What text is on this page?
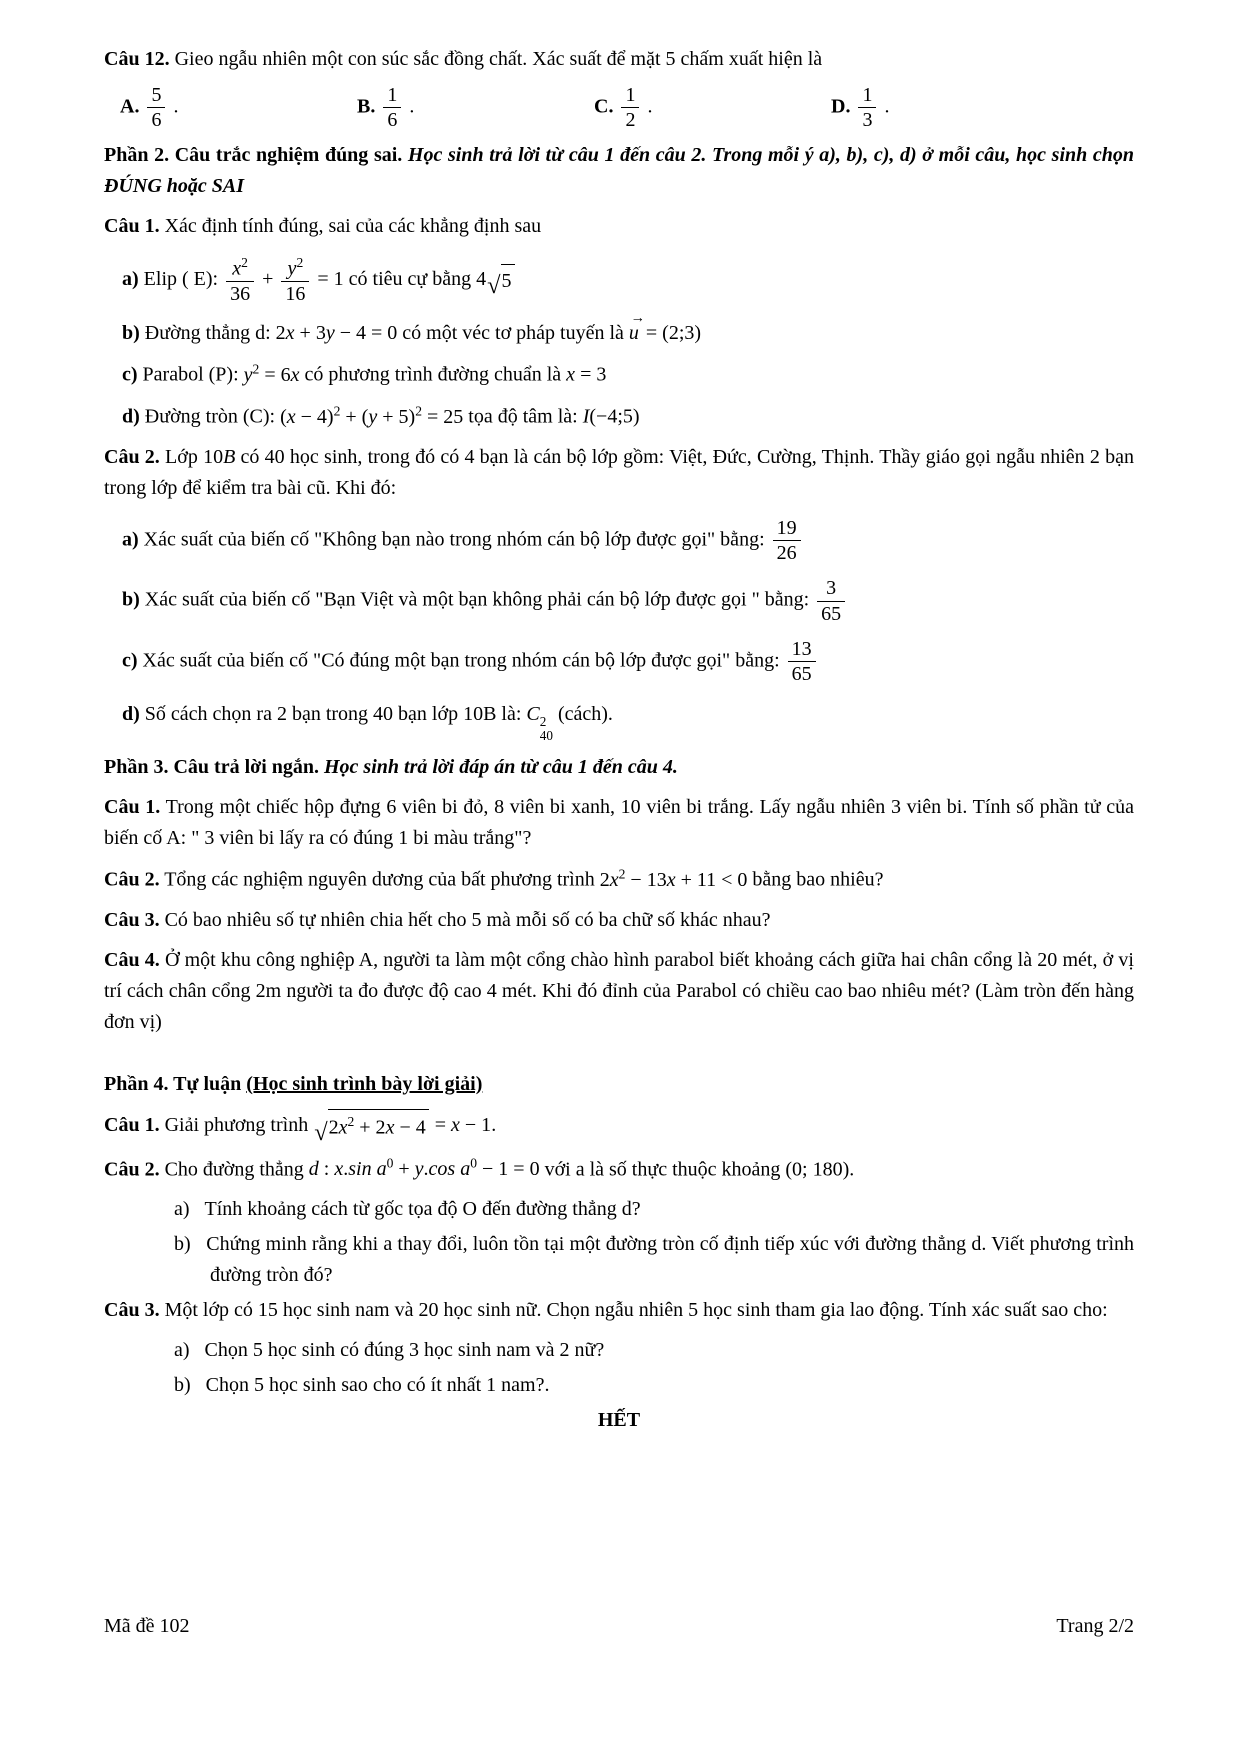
Câu 12. Gieo ngẫu nhiên một con súc sắc đồng chất. Xác suất để mặt 5 chấm xuất hiện là
A. $\frac{5}{6}$ .	B. $\frac{1}{6}$ .	C. $\frac{1}{2}$ .	D. $\frac{1}{3}$ .
Phần 2. Câu trắc nghiệm đúng sai. Học sinh trả lời từ câu 1 đến câu 2. Trong mỗi ý a), b), c), d) ở mỗi câu, học sinh chọn ĐÚNG hoặc SAI
Câu 1. Xác định tính đúng, sai của các khẳng định sau
a) Elip ( E): $\frac{x^2}{36} + \frac{y^2}{16} = 1$ có tiêu cự bằng 4 √ 5
b) Đường thẳng d: 2x + 3y − 4 = 0 có một véc tơ pháp tuyến là u → = (2;3)
c) Parabol (P): $y^2 = 6x$ có phương trình đường chuẩn là x = 3
d) Đường tròn (C): $(x - 4)^2 + (y + 5)^2 = 25$ tọa độ tâm là: I(−4;5)
Câu 2. Lớp 10B có 40 học sinh, trong đó có 4 bạn là cán bộ lớp gồm: Việt, Đức, Cường, Thịnh. Thầy giáo gọi ngẫu nhiên 2 bạn trong lớp để kiểm tra bài cũ. Khi đó:
a) Xác suất của biến cố "Không bạn nào trong nhóm cán bộ lớp được gọi" bằng: $\frac{19}{26}$
b) Xác suất của biến cố "Bạn Việt và một bạn không phải cán bộ lớp được gọi " bằng: $\frac{3}{65}$
c) Xác suất của biến cố "Có đúng một bạn trong nhóm cán bộ lớp được gọi" bằng: $\frac{13}{65}$
d) Số cách chọn ra 2 bạn trong 40 bạn lớp 10B là: C 2
40
(cách).
Phần 3. Câu trả lời ngắn. Học sinh trả lời đáp án từ câu 1 đến câu 4.
Câu 1. Trong một chiếc hộp đựng 6 viên bi đỏ, 8 viên bi xanh, 10 viên bi trắng. Lấy ngẫu nhiên 3 viên bi. Tính số phần tử của biến cố A: " 3 viên bi lấy ra có đúng 1 bi màu trắng"?
Câu 2. Tổng các nghiệm nguyên dương của bất phương trình $2x^2 - 13x + 11 < 0$ bằng bao nhiêu?
Câu 3. Có bao nhiêu số tự nhiên chia hết cho 5 mà mỗi số có ba chữ số khác nhau?
Câu 4. Ở một khu công nghiệp A, người ta làm một cổng chào hình parabol biết khoảng cách giữa hai chân cổng là 20 mét, ở vị trí cách chân cổng 2m người ta đo được độ cao 4 mét. Khi đó đỉnh của Parabol có chiều cao bao nhiêu mét? (Làm tròn đến hàng đơn vị)
Phần 4. Tự luận (Học sinh trình bày lời giải)
Câu 1. Giải phương trình √ $2x^2 + 2x - 4 = x - 1$.
Câu 2. Cho đường thẳng d : x.sin $a^0 + y.\cos$ $a^0 - 1 = 0$ với a là số thực thuộc khoảng (0; 180).
a)   Tính khoảng cách từ gốc tọa độ O đến đường thẳng d?
b)   Chứng minh rằng khi a thay đổi, luôn tồn tại một đường tròn cố định tiếp xúc với đường thẳng d. Viết phương trình đường tròn đó?
Câu 3. Một lớp có 15 học sinh nam và 20 học sinh nữ. Chọn ngẫu nhiên 5 học sinh tham gia lao động. Tính xác suất sao cho:
a)   Chọn 5 học sinh có đúng 3 học sinh nam và 2 nữ?
b)   Chọn 5 học sinh sao cho có ít nhất 1 nam?.
HẾT
Mã đề 102	Trang 2/2
